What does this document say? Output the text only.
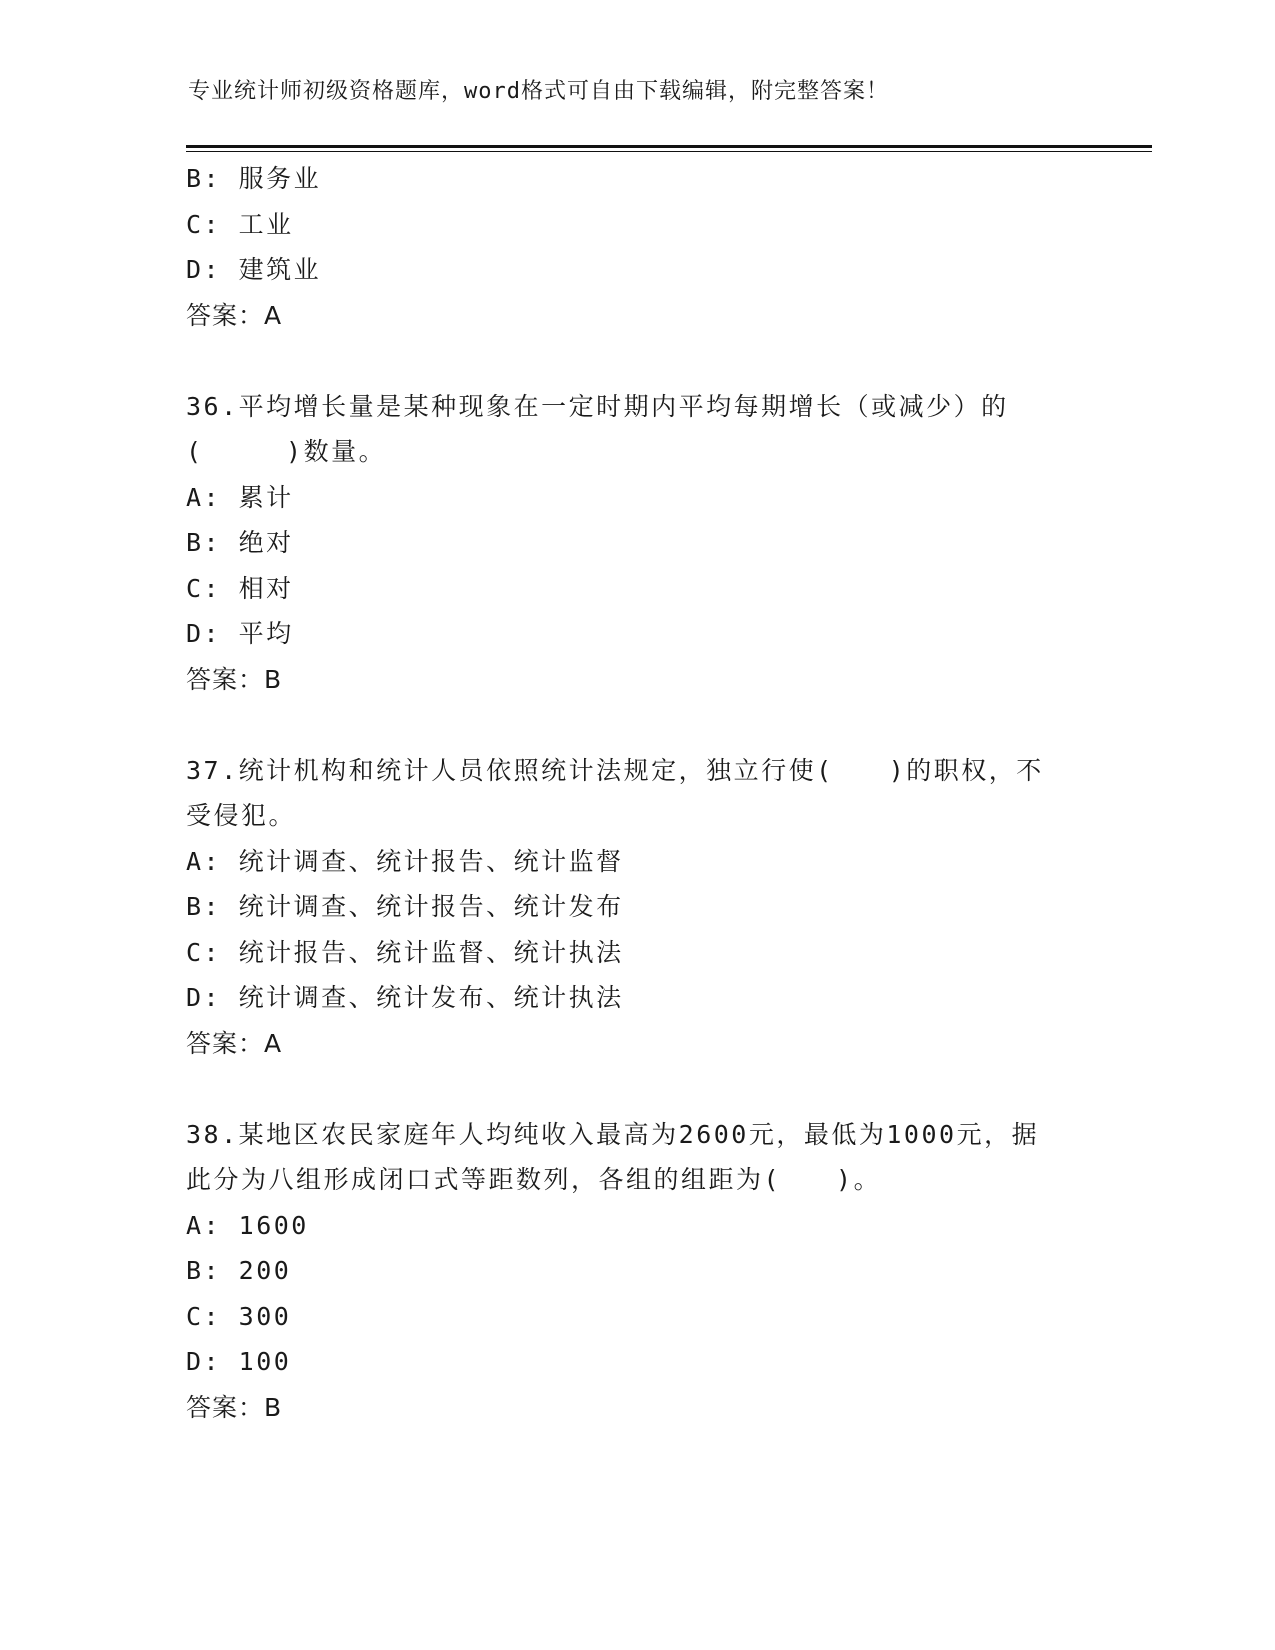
专业统计师初级资格题库，word格式可自由下载编辑，附完整答案！
B: 服务业
C: 工业
D: 建筑业
答案：A
36.平均增长量是某种现象在一定时期内平均每期增长（或减少）的
(　　　)数量。
A: 累计
B: 绝对
C: 相对
D: 平均
答案：B
37.统计机构和统计人员依照统计法规定，独立行使(　　)的职权，不
受侵犯。
A: 统计调查、统计报告、统计监督
B: 统计调查、统计报告、统计发布
C: 统计报告、统计监督、统计执法
D: 统计调查、统计发布、统计执法
答案：A
38.某地区农民家庭年人均纯收入最高为2600元，最低为1000元，据
此分为八组形成闭口式等距数列，各组的组距为(　　)。
A: 1600
B: 200
C: 300
D: 100
答案：B
